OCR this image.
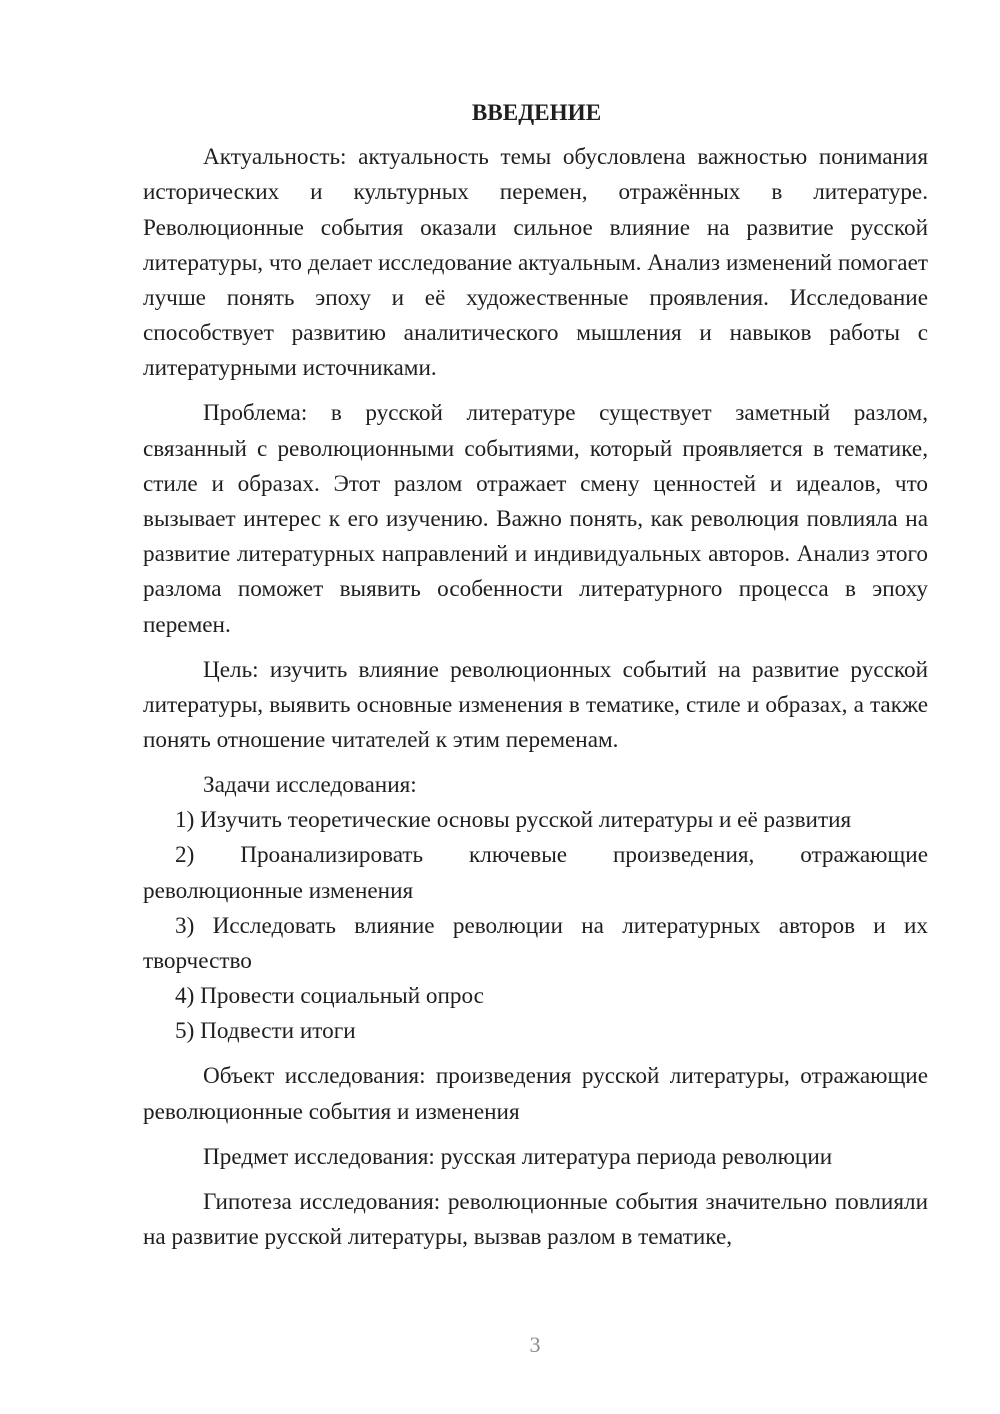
ВВЕДЕНИЕ

Актуальность: актуальность темы обусловлена важностью понимания исторических и культурных перемен, отражённых в литературе. Революционные события оказали сильное влияние на развитие русской литературы, что делает исследование актуальным. Анализ изменений помогает лучше понять эпоху и её художественные проявления. Исследование способствует развитию аналитического мышления и навыков работы с литературными источниками.

Проблема: в русской литературе существует заметный разлом, связанный с революционными событиями, который проявляется в тематике, стиле и образах. Этот разлом отражает смену ценностей и идеалов, что вызывает интерес к его изучению. Важно понять, как революция повлияла на развитие литературных направлений и индивидуальных авторов. Анализ этого разлома поможет выявить особенности литературного процесса в эпоху перемен.

Цель: изучить влияние революционных событий на развитие русской литературы, выявить основные изменения в тематике, стиле и образах, а также понять отношение читателей к этим переменам.

Задачи исследования:

1) Изучить теоретические основы русской литературы и её развития

2) Проанализировать ключевые произведения, отражающие революционные изменения

3) Исследовать влияние революции на литературных авторов и их творчество

4) Провести социальный опрос

5) Подвести итоги

Объект исследования: произведения русской литературы, отражающие революционные события и изменения

Предмет исследования: русская литература периода революции

Гипотеза исследования: революционные события значительно повлияли на развитие русской литературы, вызвав разлом в тематике,

3
